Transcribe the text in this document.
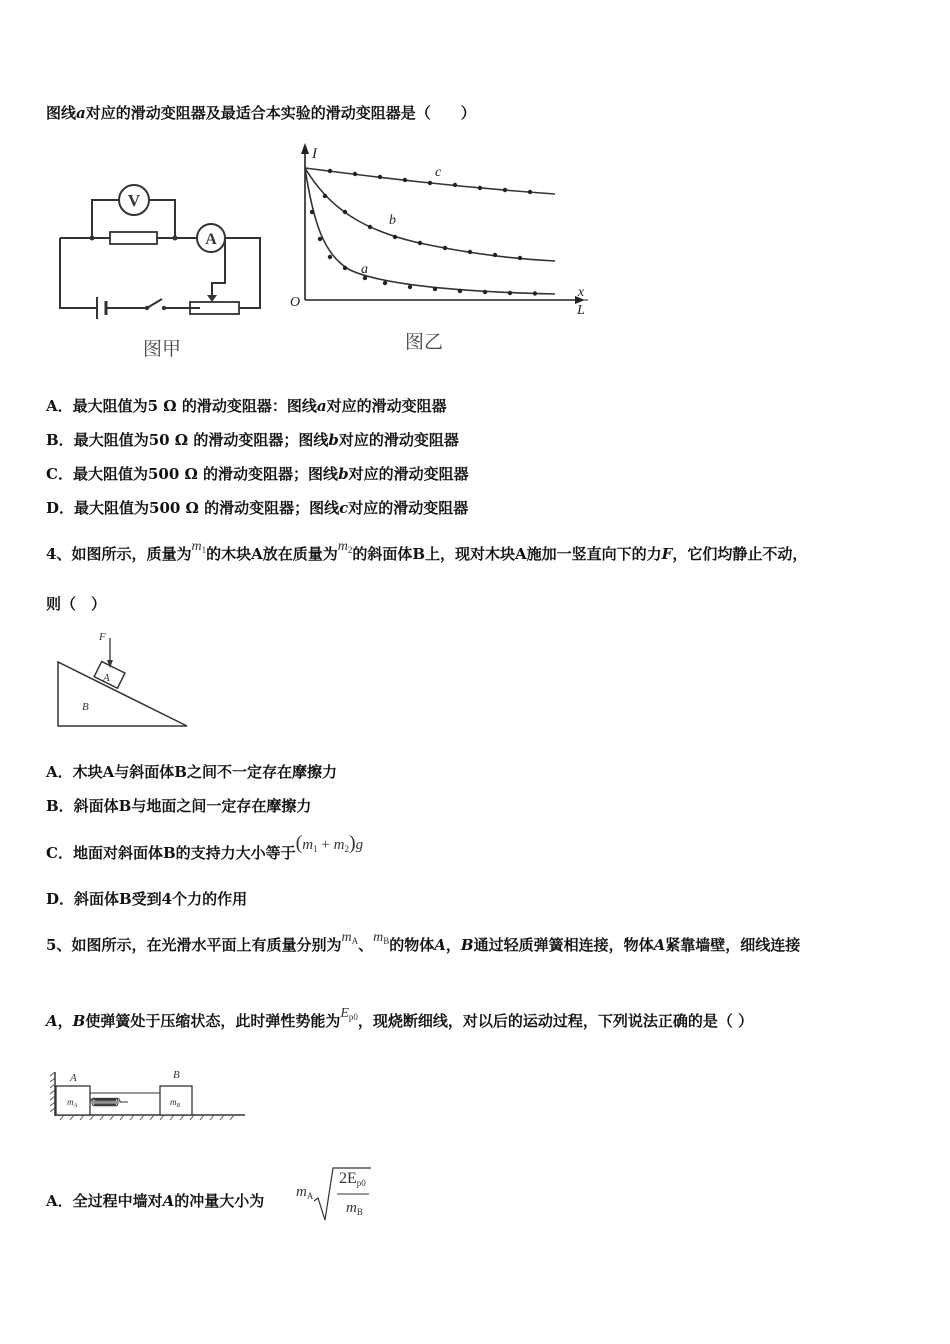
图线a对应的滑动变阻器及最适合本实验的滑动变阻器是（　　）
V
A
图甲
I
O
x
L
c
b
a
图乙
A．最大阻值为5 Ω 的滑动变阻器：图线a对应的滑动变阻器
B．最大阻值为50 Ω 的滑动变阻器；图线b对应的滑动变阻器
C．最大阻值为500 Ω 的滑动变阻器；图线b对应的滑动变阻器
D．最大阻值为500 Ω 的滑动变阻器；图线c对应的滑动变阻器
4、如图所示，质量为$m_1$的木块A放在质量为$m_2$的斜面体B上，现对木块A施加一竖直向下的力F，它们均静止不动，
则（　）
F
A
B
A．木块A与斜面体B之间不一定存在摩擦力
B．斜面体B与地面之间一定存在摩擦力
C．地面对斜面体B的支持力大小等于$(m_1 + m_2)g$
D．斜面体B受到4个力的作用
5、如图所示，在光滑水平面上有质量分别为$m_A$、$m_B$的物体A，B通过轻质弹簧相连接，物体A紧靠墙壁，细线连接
A，B使弹簧处于压缩状态，此时弹性势能为$E_{p0}$，现烧断细线，对以后的运动过程，下列说法正确的是（ ）
A	B
$m_A$	$m_B$
A．全过程中墙对A的冲量大小为 $m_A$
$2E_{p0}$
$m_B$
